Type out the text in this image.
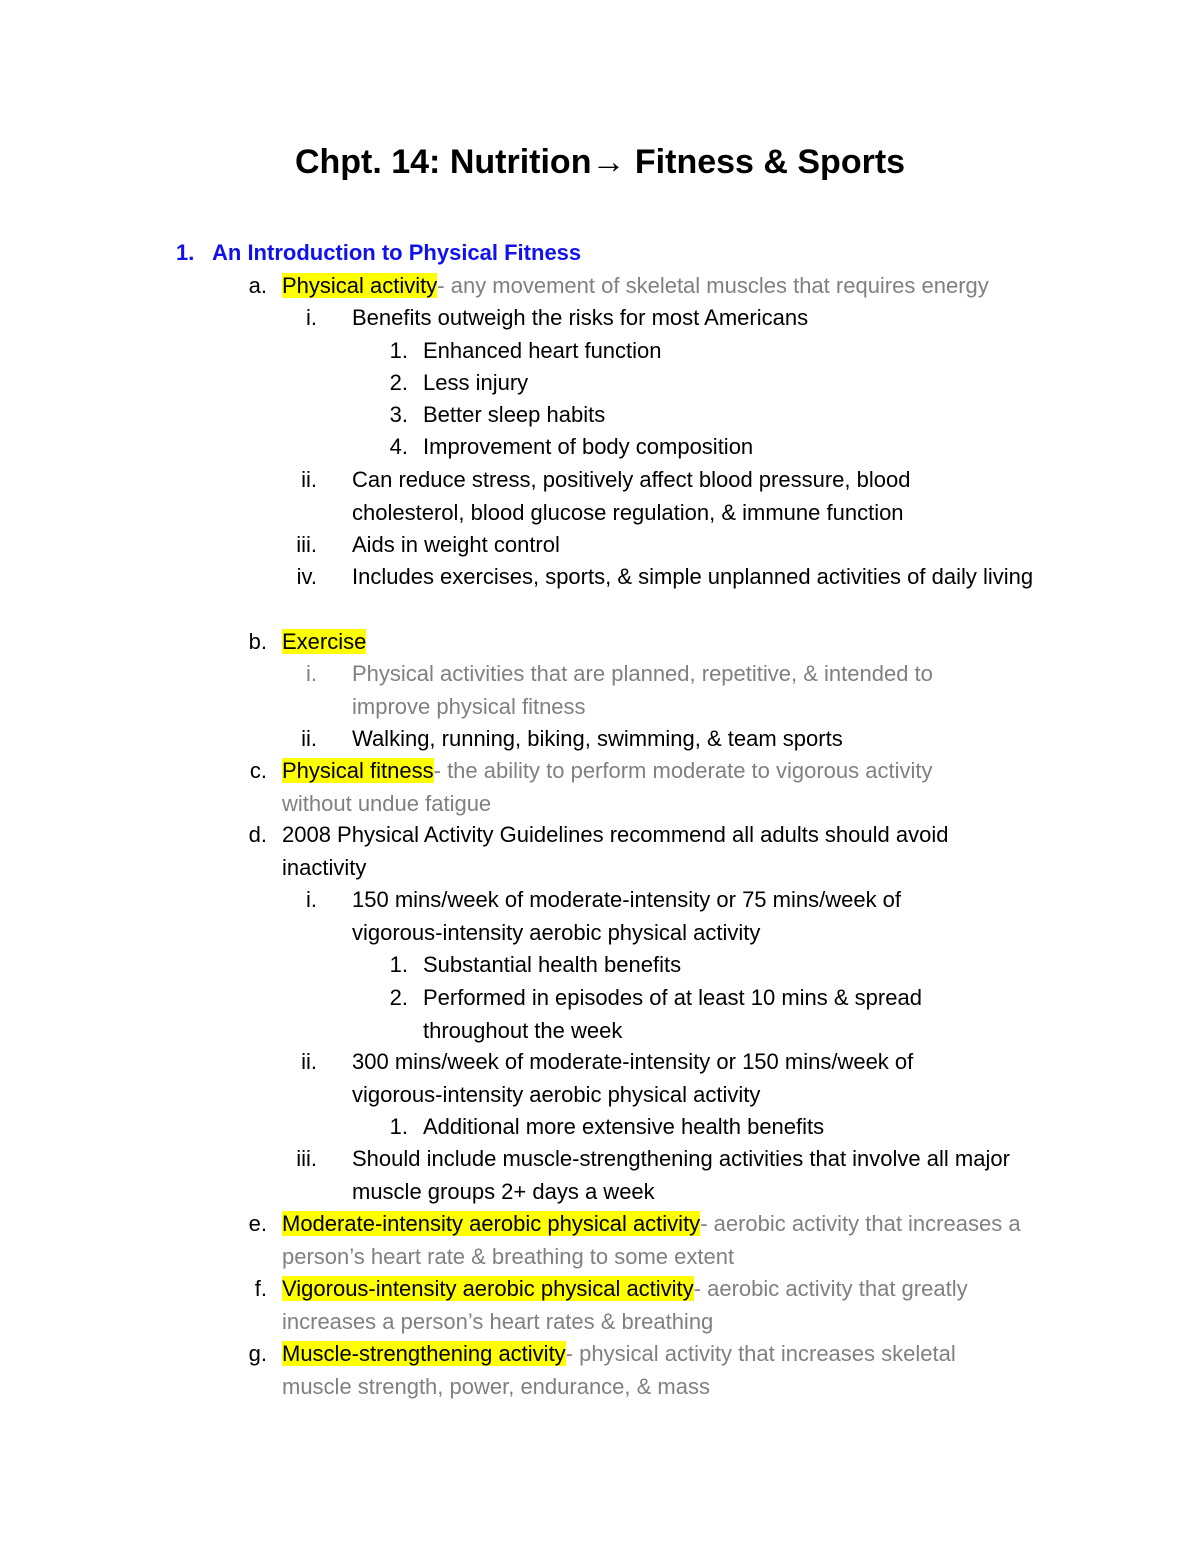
Chpt. 14: Nutrition→ Fitness & Sports
1. An Introduction to Physical Fitness
a. Physical activity- any movement of skeletal muscles that requires energy
i. Benefits outweigh the risks for most Americans
1. Enhanced heart function
2. Less injury
3. Better sleep habits
4. Improvement of body composition
ii. Can reduce stress, positively affect blood pressure, blood cholesterol, blood glucose regulation, & immune function
iii. Aids in weight control
iv. Includes exercises, sports, & simple unplanned activities of daily living
b. Exercise
i. Physical activities that are planned, repetitive, & intended to improve physical fitness
ii. Walking, running, biking, swimming, & team sports
c. Physical fitness- the ability to perform moderate to vigorous activity without undue fatigue
d. 2008 Physical Activity Guidelines recommend all adults should avoid inactivity
i. 150 mins/week of moderate-intensity or 75 mins/week of vigorous-intensity aerobic physical activity
1. Substantial health benefits
2. Performed in episodes of at least 10 mins & spread throughout the week
ii. 300 mins/week of moderate-intensity or 150 mins/week of vigorous-intensity aerobic physical activity
1. Additional more extensive health benefits
iii. Should include muscle-strengthening activities that involve all major muscle groups 2+ days a week
e. Moderate-intensity aerobic physical activity- aerobic activity that increases a person’s heart rate & breathing to some extent
f. Vigorous-intensity aerobic physical activity- aerobic activity that greatly increases a person’s heart rates & breathing
g. Muscle-strengthening activity- physical activity that increases skeletal muscle strength, power, endurance, & mass
